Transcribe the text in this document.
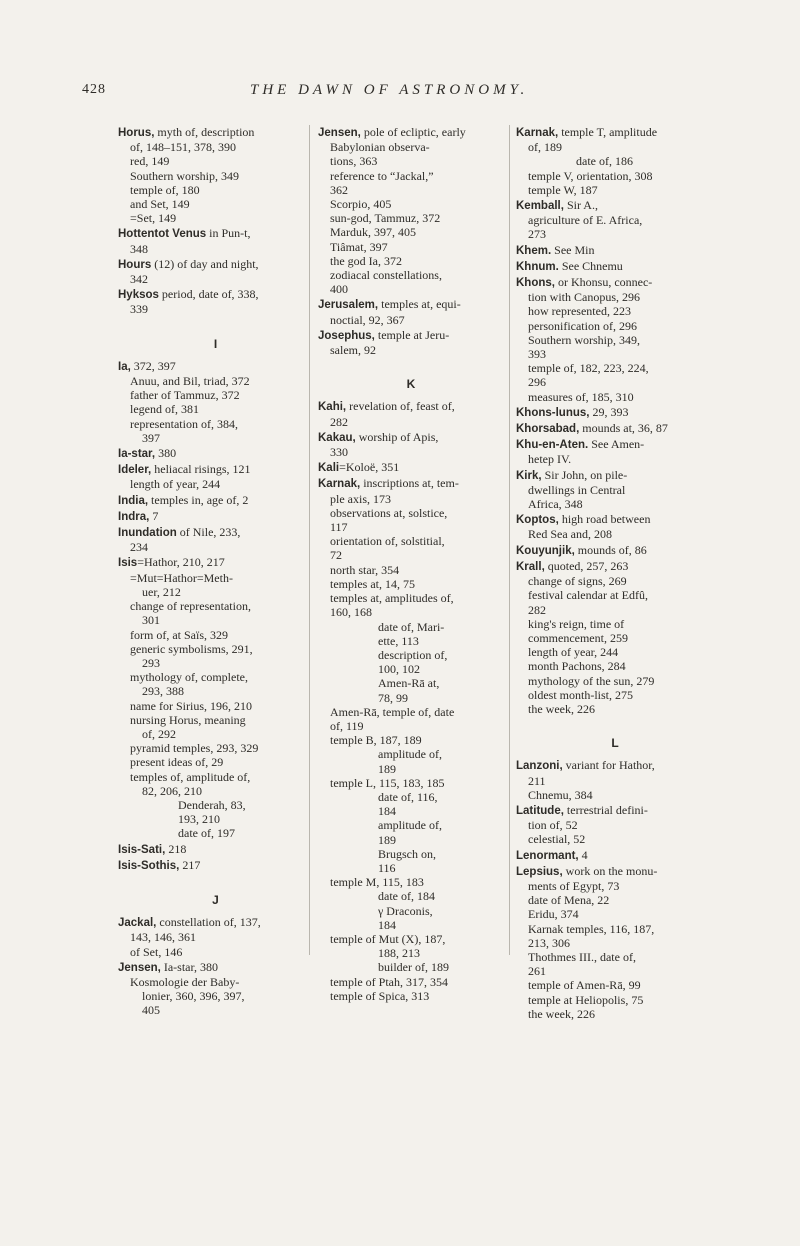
428	THE DAWN OF ASTRONOMY.
Horus, myth of, description
of, 148–151, 378, 390
red, 149
Southern worship, 349
temple of, 180
and Set, 149
=Set, 149
Hottentot Venus in Pun-t,
348
Hours (12) of day and night,
342
Hyksos period, date of, 338,
339
I
Ia, 372, 397
Anuu, and Bil, triad, 372
father of Tammuz, 372
legend of, 381
representation of, 384,
397
Ia-star, 380
Ideler, heliacal risings, 121
length of year, 244
India, temples in, age of, 2
Indra, 7
Inundation of Nile, 233,
234
Isis=Hathor, 210, 217
=Mut=Hathor=Meth-
uer, 212
change of representation,
301
form of, at Saïs, 329
generic symbolisms, 291,
293
mythology of, complete,
293, 388
name for Sirius, 196, 210
nursing Horus, meaning
of, 292
pyramid temples, 293, 329
present ideas of, 29
temples of, amplitude of,
82, 206, 210
Denderah, 83,
193, 210
date of, 197
Isis-Sati, 218
Isis-Sothis, 217
J
Jackal, constellation of, 137,
143, 146, 361
of Set, 146
Jensen, Ia-star, 380
Kosmologie der Baby-
lonier, 360, 396, 397,
405
Jensen, pole of ecliptic, early
Babylonian observa-
tions, 363
reference to “Jackal,”
362
Scorpio, 405
sun-god, Tammuz, 372
Marduk, 397, 405
Tiâmat, 397
the god Ia, 372
zodiacal constellations,
400
Jerusalem, temples at, equi-
noctial, 92, 367
Josephus, temple at Jeru-
salem, 92
K
Kahi, revelation of, feast of,
282
Kakau, worship of Apis,
330
Kali=Koloë, 351
Karnak, inscriptions at, tem-
ple axis, 173
observations at, solstice,
117
orientation of, solstitial,
72
north star, 354
temples at, 14, 75
temples at, amplitudes of,
160, 168
date of, Mari-
ette, 113
description of,
100, 102
Amen-Rā at,
78, 99
Amen-Rā, temple of, date
of, 119
temple B, 187, 189
amplitude of,
189
temple L, 115, 183, 185
date of, 116,
184
amplitude of,
189
Brugsch on,
116
temple M, 115, 183
date of, 184
γ Draconis,
184
temple of Mut (X), 187,
188, 213
builder of, 189
temple of Ptah, 317, 354
temple of Spica, 313
Karnak, temple T, amplitude
of, 189
date of, 186
temple V, orientation, 308
temple W, 187
Kemball, Sir A.,
agriculture of E. Africa,
273
Khem. See Min
Khnum. See Chnemu
Khons, or Khonsu, connec-
tion with Canopus, 296
how represented, 223
personification of, 296
Southern worship, 349,
393
temple of, 182, 223, 224,
296
measures of, 185, 310
Khons-lunus, 29, 393
Khorsabad, mounds at, 36, 87
Khu-en-Aten. See Amen-
hetep IV.
Kirk, Sir John, on pile-
dwellings in Central
Africa, 348
Koptos, high road between
Red Sea and, 208
Kouyunjik, mounds of, 86
Krall, quoted, 257, 263
change of signs, 269
festival calendar at Edfû,
282
king's reign, time of
commencement, 259
length of year, 244
month Pachons, 284
mythology of the sun, 279
oldest month-list, 275
the week, 226
L
Lanzoni, variant for Hathor,
211
Chnemu, 384
Latitude, terrestrial defini-
tion of, 52
celestial, 52
Lenormant, 4
Lepsius, work on the monu-
ments of Egypt, 73
date of Mena, 22
Eridu, 374
Karnak temples, 116, 187,
213, 306
Thothmes III., date of,
261
temple of Amen-Rā, 99
temple at Heliopolis, 75
the week, 226
